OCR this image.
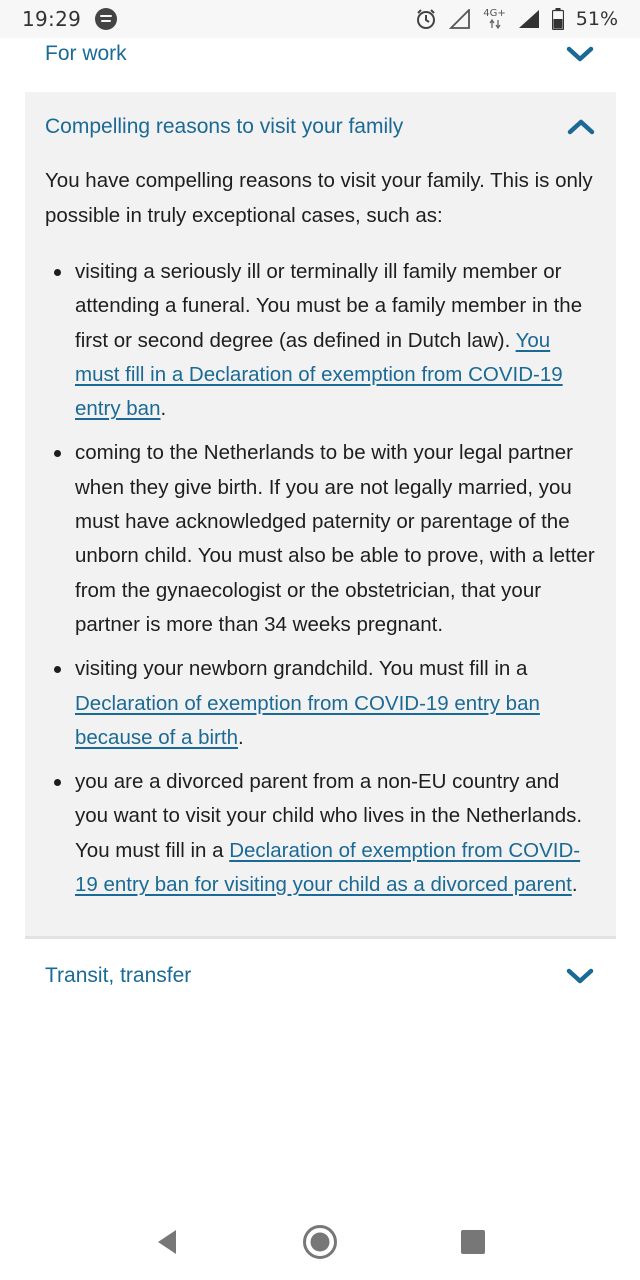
19:29	4G+	51%
For work
Compelling reasons to visit your family

You have compelling reasons to visit your family. This is only possible in truly exceptional cases, such as:

visiting a seriously ill or terminally ill family member or attending a funeral. You must be a family member in the first or second degree (as defined in Dutch law). You must fill in a Declaration of exemption from COVID-19 entry ban.
coming to the Netherlands to be with your legal partner when they give birth. If you are not legally married, you must have acknowledged paternity or parentage of the unborn child. You must also be able to prove, with a letter from the gynaecologist or the obstetrician, that your partner is more than 34 weeks pregnant.
visiting your newborn grandchild. You must fill in a Declaration of exemption from COVID-19 entry ban because of a birth.
you are a divorced parent from a non-EU country and you want to visit your child who lives in the Netherlands. You must fill in a Declaration of exemption from COVID-19 entry ban for visiting your child as a divorced parent.
Transit, transfer
